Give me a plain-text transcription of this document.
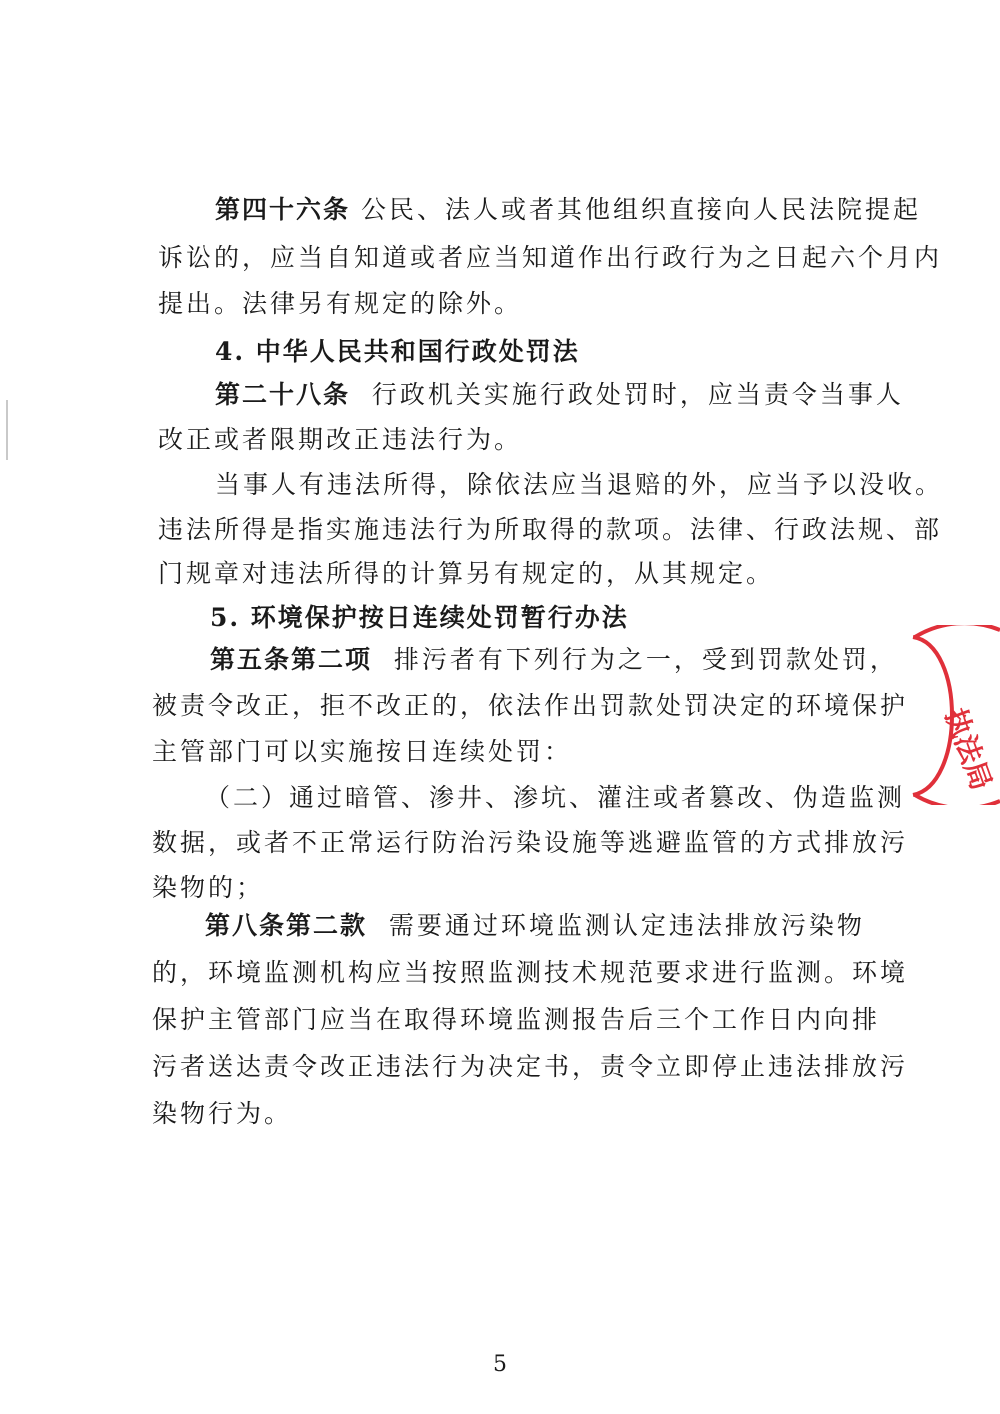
第四十六条 公民、法人或者其他组织直接向人民法院提起

诉讼的，应当自知道或者应当知道作出行政行为之日起六个月内

提出。法律另有规定的除外。

4. 中华人民共和国行政处罚法

第二十八条 行政机关实施行政处罚时，应当责令当事人

改正或者限期改正违法行为。

当事人有违法所得，除依法应当退赔的外，应当予以没收。

违法所得是指实施违法行为所取得的款项。法律、行政法规、部

门规章对违法所得的计算另有规定的，从其规定。

5. 环境保护按日连续处罚暂行办法

第五条第二项 排污者有下列行为之一，受到罚款处罚，

被责令改正，拒不改正的，依法作出罚款处罚决定的环境保护

主管部门可以实施按日连续处罚：

（二）通过暗管、渗井、渗坑、灌注或者篡改、伪造监测

数据，或者不正常运行防治污染设施等逃避监管的方式排放污

染物的；

第八条第二款 需要通过环境监测认定违法排放污染物

的，环境监测机构应当按照监测技术规范要求进行监测。环境

保护主管部门应当在取得环境监测报告后三个工作日内向排

污者送达责令改正违法行为决定书，责令立即停止违法排放污

染物行为。

执法局
5
